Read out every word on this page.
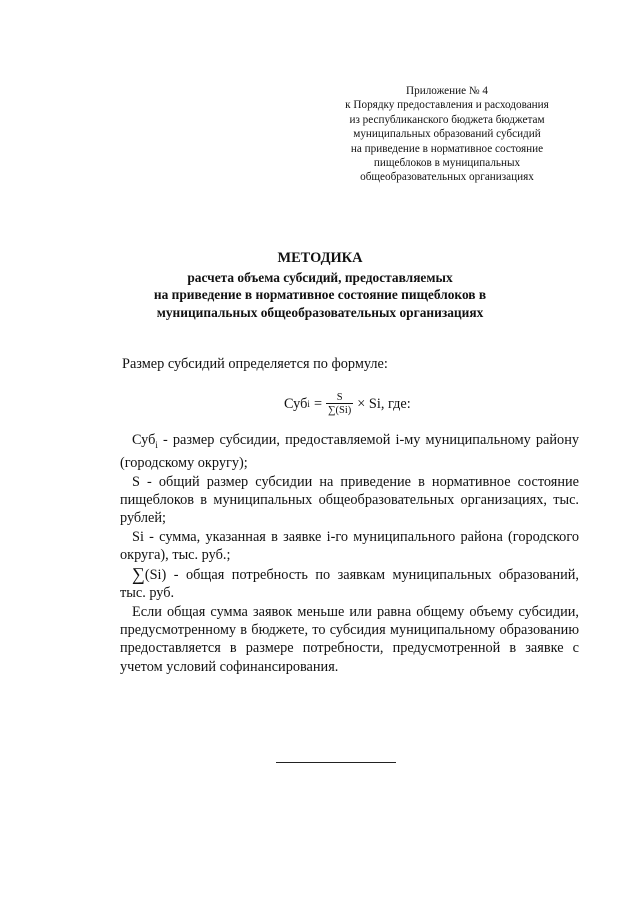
Приложение № 4
к Порядку предоставления и расходования
из республиканского бюджета бюджетам
муниципальных образований субсидий
на приведение в нормативное состояние
пищеблоков в муниципальных
общеобразовательных организациях
МЕТОДИКА
расчета объема субсидий, предоставляемых
на приведение в нормативное состояние пищеблоков в
муниципальных общеобразовательных организациях
Размер субсидий определяется по формуле:
Суб $i = \frac{S}{\sum(Si)} \times Si$, где:

Суб$_i$ - размер субсидии, предоставляемой i-му муниципальному району (городскому округу);

S - общий размер субсидии на приведение в нормативное состояние пищеблоков в муниципальных общеобразовательных организациях, тыс. рублей;

Si - сумма, указанная в заявке i-го муниципального района (городского округа), тыс. руб.;

∑(Si) - общая потребность по заявкам муниципальных образований, тыс. руб.

Если общая сумма заявок меньше или равна общему объему субсидии, предусмотренному в бюджете, то субсидия муниципальному образованию предоставляется в размере потребности, предусмотренной в заявке с учетом условий софинансирования.
